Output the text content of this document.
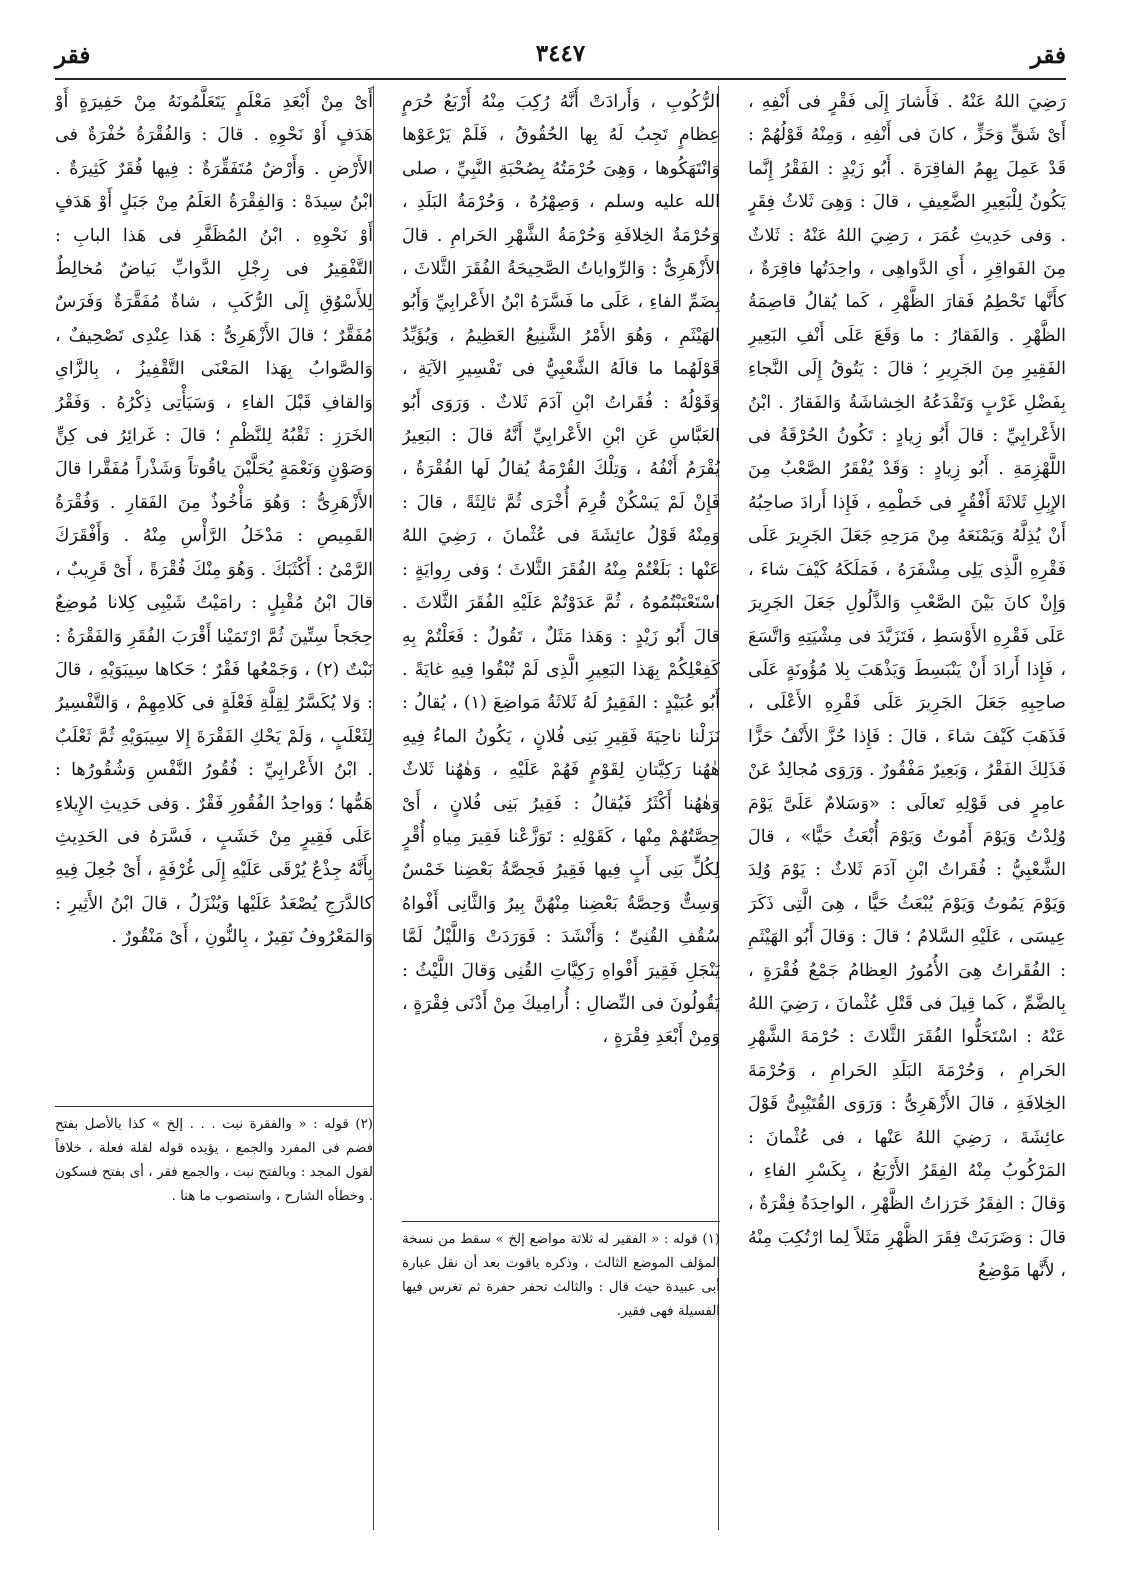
فقر
٣٤٤٧
فقر

رَضِيَ اللهُ عَنْهُ . فَأَشارَ إِلَى فَقْرٍ فى أَنْفِهِ ، أَىْ شَقٍّ وَحَزٍّ ، كانَ فى أَنْفِهِ ، وَمِنْهُ قَوْلُهُمْ : قَدْ عَمِلَ بِهِمُ الفاقِرَةَ . أَبُو زَيْدٍ : الفَقْرُ إِنَّما يَكُونُ لِلْبَعِيرِ الضَّعِيفِ ، قالَ : وَهِىَ ثَلاثُ فِقَرٍ . وَفى حَدِيثِ عُمَرَ ، رَضِيَ اللهُ عَنْهُ : ثَلاثٌ مِنَ الفَواقِرِ ، أَىِ الدَّواهِى ، واحِدَتُها فاقِرَةٌ ، كأَنَّها تَحْطِمُ فَقارَ الظَّهْرِ ، كَما يُقالُ قاصِمَةُ الظَّهْرِ . وَالفَقارُ : ما وَقَعَ عَلَى أَنْفِ البَعِيرِ الفَقِيرِ مِنَ الجَرِيرِ ؛ قالَ : يَتُوقُ إِلَى النَّجاءِ بِفَضْلِ غَرْبٍ وَتَقْدَعُهُ الخِشاشَةُ وَالفَقارُ . ابْنُ الأَعْرابِيِّ : قالَ أَبُو زِيادٍ : تَكُونُ الحُرْقَةُ فى اللَّهْزِمَةِ . أَبُو زِيادٍ : وَقَدْ يُفْقَرُ الصَّعْبُ مِنَ الإِبِلِ ثَلاثَةَ أَفْقُرٍ فى خَطْمِهِ ، فَإِذا أَرادَ صاحِبُهُ أَنْ يُذِلَّهُ وَيَمْنَعَهُ مِنْ مَرَحِهِ جَعَلَ الجَرِيرَ عَلَى فَقْرِهِ الَّذِى يَلِى مِشْفَرَهُ ، فَمَلَكَهُ كَيْفَ شاءَ ، وَإِنْ كانَ بَيْنَ الصَّعْبِ وَالذَّلُولِ جَعَلَ الجَرِيرَ عَلَى فَقْرِهِ الأَوْسَطِ ، فَتَزَيَّدَ فى مِشْيَتِهِ وَاتَّسَعَ ، فَإِذا أَرادَ أَنْ يَنْبَسِطَ وَيَذْهَبَ بِلا مُؤُونَةٍ عَلَى صاحِبِهِ جَعَلَ الجَرِيرَ عَلَى فَقْرِهِ الأَعْلَى ، فَذَهَبَ كَيْفَ شاءَ ، قالَ : فَإِذا حُزَّ الأَنْفُ حَزًّا فَذَلِكَ الفَقْرُ ، وَبَعِيرٌ مَفْقُورٌ . وَرَوَى مُجالِدٌ عَنْ عامِرٍ فى قَوْلِهِ تَعالَى : «وَسَلامٌ عَلَىَّ يَوْمَ وُلِدْتُ وَيَوْمَ أَمُوتُ وَيَوْمَ أُبْعَثُ حَيًّا» ، قالَ الشَّعْبِيُّ : فُقَراتُ ابْنِ آدَمَ ثَلاثٌ : يَوْمَ وُلِدَ وَيَوْمَ يَمُوتُ وَيَوْمَ يُبْعَثُ حَيًّا ، هِىَ الَّتِى ذَكَرَ عِيسَى ، عَلَيْهِ السَّلامُ ؛ قالَ : وَقالَ أَبُو الهَيْثَمِ : الفُقَراتُ هِىَ الأُمُورُ العِظامُ جَمْعُ فُقْرَةٍ ، بِالضَّمِّ ، كَما قِيلَ فى قَتْلِ عُثْمانَ ، رَضِيَ اللهُ عَنْهُ : اسْتَحَلُّوا الفُقَرَ الثَّلاثَ : حُرْمَةَ الشَّهْرِ الحَرامِ ، وَحُرْمَةَ البَلَدِ الحَرامِ ، وَحُرْمَةَ الخِلافَةِ ، قالَ الأَزْهَرِىُّ : وَرَوَى القُتَيْبِىُّ قَوْلَ عائِشَةَ ، رَضِيَ اللهُ عَنْها ، فى عُثْمانَ : المَرْكُوبُ مِنْهُ الفِقَرُ الأَرْبَعُ ، بِكَسْرِ الفاءِ ، وَقالَ : الفِقَرُ خَرَزاتُ الظَّهْرِ ، الواحِدَةُ فِقْرَةٌ ، قالَ : وَضَرَبَتْ فِقَرَ الظَّهْرِ مَثَلاً لِما ارْتُكِبَ مِنْهُ ، لأَنَّها مَوْضِعُ

الرُّكُوبِ ، وَأَرادَتْ أَنَّهُ رُكِبَ مِنْهُ أَرْبَعُ حُرَمٍ عِظامٍ تَجِبُ لَهُ بِها الحُقُوقُ ، فَلَمْ يَرْعَوْها وَانْتَهَكُوها ، وَهِىَ حُرْمَتُهُ بِصُحْبَةِ النَّبِيِّ ، صلى الله عليه وسلم ، وَصِهْرُهُ ، وَحُرْمَةُ البَلَدِ ، وَحُرْمَةُ الخِلافَةِ وَحُرْمَةُ الشَّهْرِ الحَرامِ . قالَ الأَزْهَرِىُّ : وَالرِّواياتُ الصَّحِيحَةُ الفُقَرَ الثَّلاثَ ، بِضَمِّ الفاءِ ، عَلَى ما فَسَّرَهُ ابْنُ الأَعْرابِيِّ وَأَبُو الهَيْثَمِ ، وَهُوَ الأَمْرُ الشَّنِيعُ العَظِيمُ ، وَيُؤَيِّدُ قَوْلَهُما ما قالَهُ الشَّعْبِيُّ فى تَفْسِيرِ الآيَةِ ، وَقَوْلُهُ : فُقَراتُ ابْنِ آدَمَ ثَلاثٌ . وَرَوَى أَبُو العَبَّاسِ عَنِ ابْنِ الأَعْرابِيِّ أَنَّهُ قالَ : البَعِيرُ يُقْرَمُ أَنْفُهُ ، وَتِلْكَ القُرْمَةُ يُقالُ لَها الفُقْرَةُ ، فَإِنْ لَمْ يَسْكُنْ قُرِمَ أُخْرَى ثُمَّ ثالِثَةً ، قالَ : وَمِنْهُ قَوْلُ عائِشَةَ فى عُثْمانَ ، رَضِيَ اللهُ عَنْها : بَلَغْتُمْ مِنْهُ الفُقَرَ الثَّلاثَ ؛ وَفى رِوايَةٍ : اسْتَعْتَبْتُمُوهُ ، ثُمَّ عَدَوْتُمْ عَلَيْهِ الفُقَرَ الثَّلاثَ . قالَ أَبُو زَيْدٍ : وَهَذا مَثَلٌ ، تَقُولُ : فَعَلْتُمْ بِهِ كَفِعْلِكُمْ بِهَذا البَعِيرِ الَّذِى لَمْ تُبْقُوا فِيهِ غايَةً . أَبُو عُبَيْدٍ : الفَقِيرُ لَهُ ثَلاثَةُ مَواضِعَ (١) ، يُقالُ : نَزَلْنا ناحِيَةَ فَقِيرِ بَنِى فُلانٍ ، يَكُونُ الماءُ فِيهِ هٰهُنا رَكِيَّتانِ لِقَوْمٍ فَهُمْ عَلَيْهِ ، وَهٰهُنا ثَلاثٌ وَهٰهُنا أَكْثَرُ فَيُقالُ : فَقِيرُ بَنِى فُلانٍ ، أَىْ حِصَّتُهُمْ مِنْها ، كَقَوْلِهِ : تَوَزَّعْنا فَقِيرَ مِياهِ أُقْرٍ لِكُلٍّ بَنِى أَبٍ فِيها فَقِيرُ فَحِصَّةُ بَعْضِنا خَمْسٌ وَسِتٌّ وَحِصَّةُ بَعْضِنا مِنْهُنَّ بِيرُ وَالثَّانِى أَفْواهُ سُقُفِ القُنِىِّ ؛ وَأَنْشَدَ : فَوَرَدَتْ وَاللَّيْلُ لَمَّا يَنْجَلِ فَقِيرَ أَفْواهِ رَكِيَّاتِ القُنِى وَقالَ اللَّيْثُ : يَقُولُونَ فى النِّضالِ : أُرامِيكَ مِنْ أَدْنَى فِقْرَةٍ ، وَمِنْ أَبْعَدِ فِقْرَةٍ ،

(١) قوله : « الفقير له ثلاثة مواضع إلخ » سقط من نسخة المؤلف الموضع الثالث ، وذكره ياقوت بعد أن نقل عبارة أبى عبيدة حيث قال : والثالث تحفر حفرة ثم تغرس فيها الفسيلة فهى فقير.

أَىْ مِنْ أَبْعَدِ مَعْلَمٍ يَتَعَلَّمُونَهُ مِنْ حَفِيرَةٍ أَوْ هَدَفٍ أَوْ نَحْوِهِ . قالَ : وَالفُقْرَةُ حُفْرَةٌ فى الأَرْضِ . وَأَرْضٌ مُتَفَقِّرَةٌ : فِيها فُقَرٌ كَثِيرَةٌ . ابْنُ سِيدَهْ : وَالفِقْرَةُ العَلَمُ مِنْ جَبَلٍ أَوْ هَدَفٍ أَوْ نَحْوِهِ . ابْنُ المُظَفَّرِ فى هَذا البابِ : التَّفْقِيرُ فى رِجْلِ الدَّوابِّ بَياضٌ مُخالِطٌ لِلأَسْوُقِ إِلَى الرُّكَبِ ، شاةٌ مُفَقَّرَةٌ وَفَرَسٌ مُفَقَّرٌ ؛ قالَ الأَزْهَرِىُّ : هَذا عِنْدِى تَصْحِيفٌ ، وَالصَّوابُ بِهَذا المَعْنَى التَّقْفِيزُ ، بِالزَّاىِ وَالقافِ قَبْلَ الفاءِ ، وَسَيَأْتِى ذِكْرُهُ . وَفَقْرُ الخَرَزِ : ثَقْبُهُ لِلنَّظْمِ ؛ قالَ : غَرائِرُ فى كِنٍّ وَصَوْنٍ وَنَعْمَةٍ يُحَلَّيْنَ ياقُوتاً وَشَذْراً مُفَقَّرا قالَ الأَزْهَرِىُّ : وَهُوَ مَأْخُوذٌ مِنَ الفَقارِ . وَفُقْرَةُ القَمِيصِ : مَدْخَلُ الرَّأْسِ مِنْهُ . وَأَفْقَرَكَ الرَّمْىُ : أَكْثَبَكَ . وَهُوَ مِنْكَ فُقْرَةً ، أَىْ قَرِيبٌ ، قالَ ابْنُ مُقْبِلٍ : رامَيْتُ شَيْبِى كِلانا مُوضِعٌ حِجَجاً سِتِّينَ ثُمَّ ارْتَمَيْنا أَقْرَبَ الفُقَرِ وَالفَقْرَةُ : نَبْتٌ (٢) ، وَجَمْعُها فَقْرٌ ؛ حَكاها سِيبَوَيْهِ ، قالَ : وَلا يُكَسَّرُ لِقِلَّةِ فَعْلَةٍ فى كَلامِهِمْ ، وَالتَّفْسِيرُ لِثَعْلَبٍ ، وَلَمْ يَحْكِ الفَقْرَةَ إِلا سِيبَوَيْهِ ثُمَّ ثَعْلَبٌ . ابْنُ الأَعْرابِيِّ : فُقُورُ النَّفْسِ وَشُقُورُها : هَمُّها ؛ وَواحِدُ الفُقُورِ فَقْرٌ . وَفى حَدِيثِ الإِيلاءِ عَلَى فَقِيرٍ مِنْ خَشَبٍ ، فَسَّرَهُ فى الحَدِيثِ بِأَنَّهُ جِذْعٌ يُرْقَى عَلَيْهِ إِلَى غُرْفَةٍ ، أَىْ جُعِلَ فِيهِ كالدَّرَجِ يُصْعَدُ عَلَيْها وَيُنْزَلُ ، قالَ ابْنُ الأَثِيرِ : وَالمَعْرُوفُ نَقِيرٌ ، بِالنُّونِ ، أَىْ مَنْقُورٌ .

(٢) قوله : « والفقرة نبت . . . إلخ » كذا بالأصل بفتح فضم فى المفرد والجمع ، يؤيده قوله لقلة فعلة ، خلافاً لقول المجد : وبالفتح نبت ، والجمع فقر ، أى بفتح فسكون . وخطأه الشارح ، واستصوب ما هنا .
